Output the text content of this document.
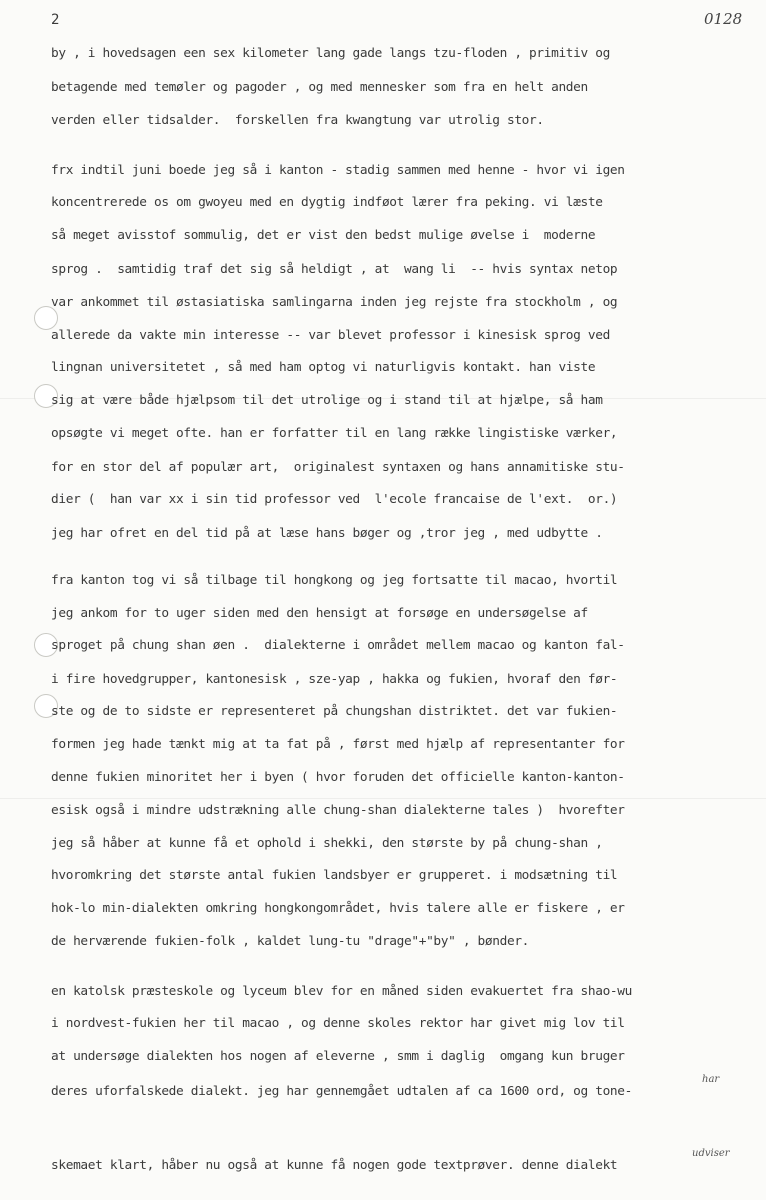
2	0128
by , i hovedsagen een sex kilometer lang gade langs tzu-floden , primitiv og
betagende med temøler og pagoder , og med mennesker som fra en helt anden
verden eller tidsalder.  forskellen fra kwangtung var utrolig stor.
frx indtil juni boede jeg så i kanton - stadig sammen med henne - hvor vi igen
koncentrerede os om gwoyeu med en dygtig indføot lærer fra peking. vi læste
så meget avisstof sommulig, det er vist den bedst mulige øvelse i  moderne
sprog .  samtidig traf det sig så heldigt , at  wang li  -- hvis syntax netop
var ankommet til østasiatiska samlingarna inden jeg rejste fra stockholm , og
allerede da vakte min interesse -- var blevet professor i kinesisk sprog ved
lingnan universitetet , så med ham optog vi naturligvis kontakt. han viste
sig at være både hjælpsom til det utrolige og i stand til at hjælpe, så ham
opsøgte vi meget ofte. han er forfatter til en lang række lingistiske værker,
for en stor del af populær art,  originalest syntaxen og hans annamitiske stu-
dier (  han var xx i sin tid professor ved  l'ecole francaise de l'ext.  or.)
jeg har ofret en del tid på at læse hans bøger og ,tror jeg , med udbytte .
fra kanton tog vi så tilbage til hongkong og jeg fortsatte til macao, hvortil
jeg ankom for to uger siden med den hensigt at forsøge en undersøgelse af
sproget på chung shan øen .  dialekterne i området mellem macao og kanton fal-
i fire hovedgrupper, kantonesisk , sze-yap , hakka og fukien, hvoraf den før-
ste og de to sidste er representeret på chungshan distriktet. det var fukien-
formen jeg hade tænkt mig at ta fat på , først med hjælp af representanter for
denne fukien minoritet her i byen ( hvor foruden det officielle kanton-kanton-
esisk også i mindre udstrækning alle chung-shan dialekterne tales )  hvorefter
jeg så håber at kunne få et ophold i shekki, den største by på chung-shan ,
hvoromkring det største antal fukien landsbyer er grupperet. i modsætning til
hok-lo min-dialekten omkring hongkongområdet, hvis talere alle er fiskere , er
de herværende fukien-folk , kaldet lung-tu "drage"+"by" , bønder.
en katolsk præsteskole og lyceum blev for en måned siden evakuertet fra shao-wu
i nordvest-fukien her til macao , og denne skoles rektor har givet mig lov til
at undersøge dialekten hos nogen af eleverne , smm i daglig  omgang kun bruger
deres uforfalskede dialekt. jeg har gennemgået udtalen af ca 1600 ord, og tone-
skemaet klart, håber nu også at kunne få nogen gode textprøver. denne dialekt
har
udviser
